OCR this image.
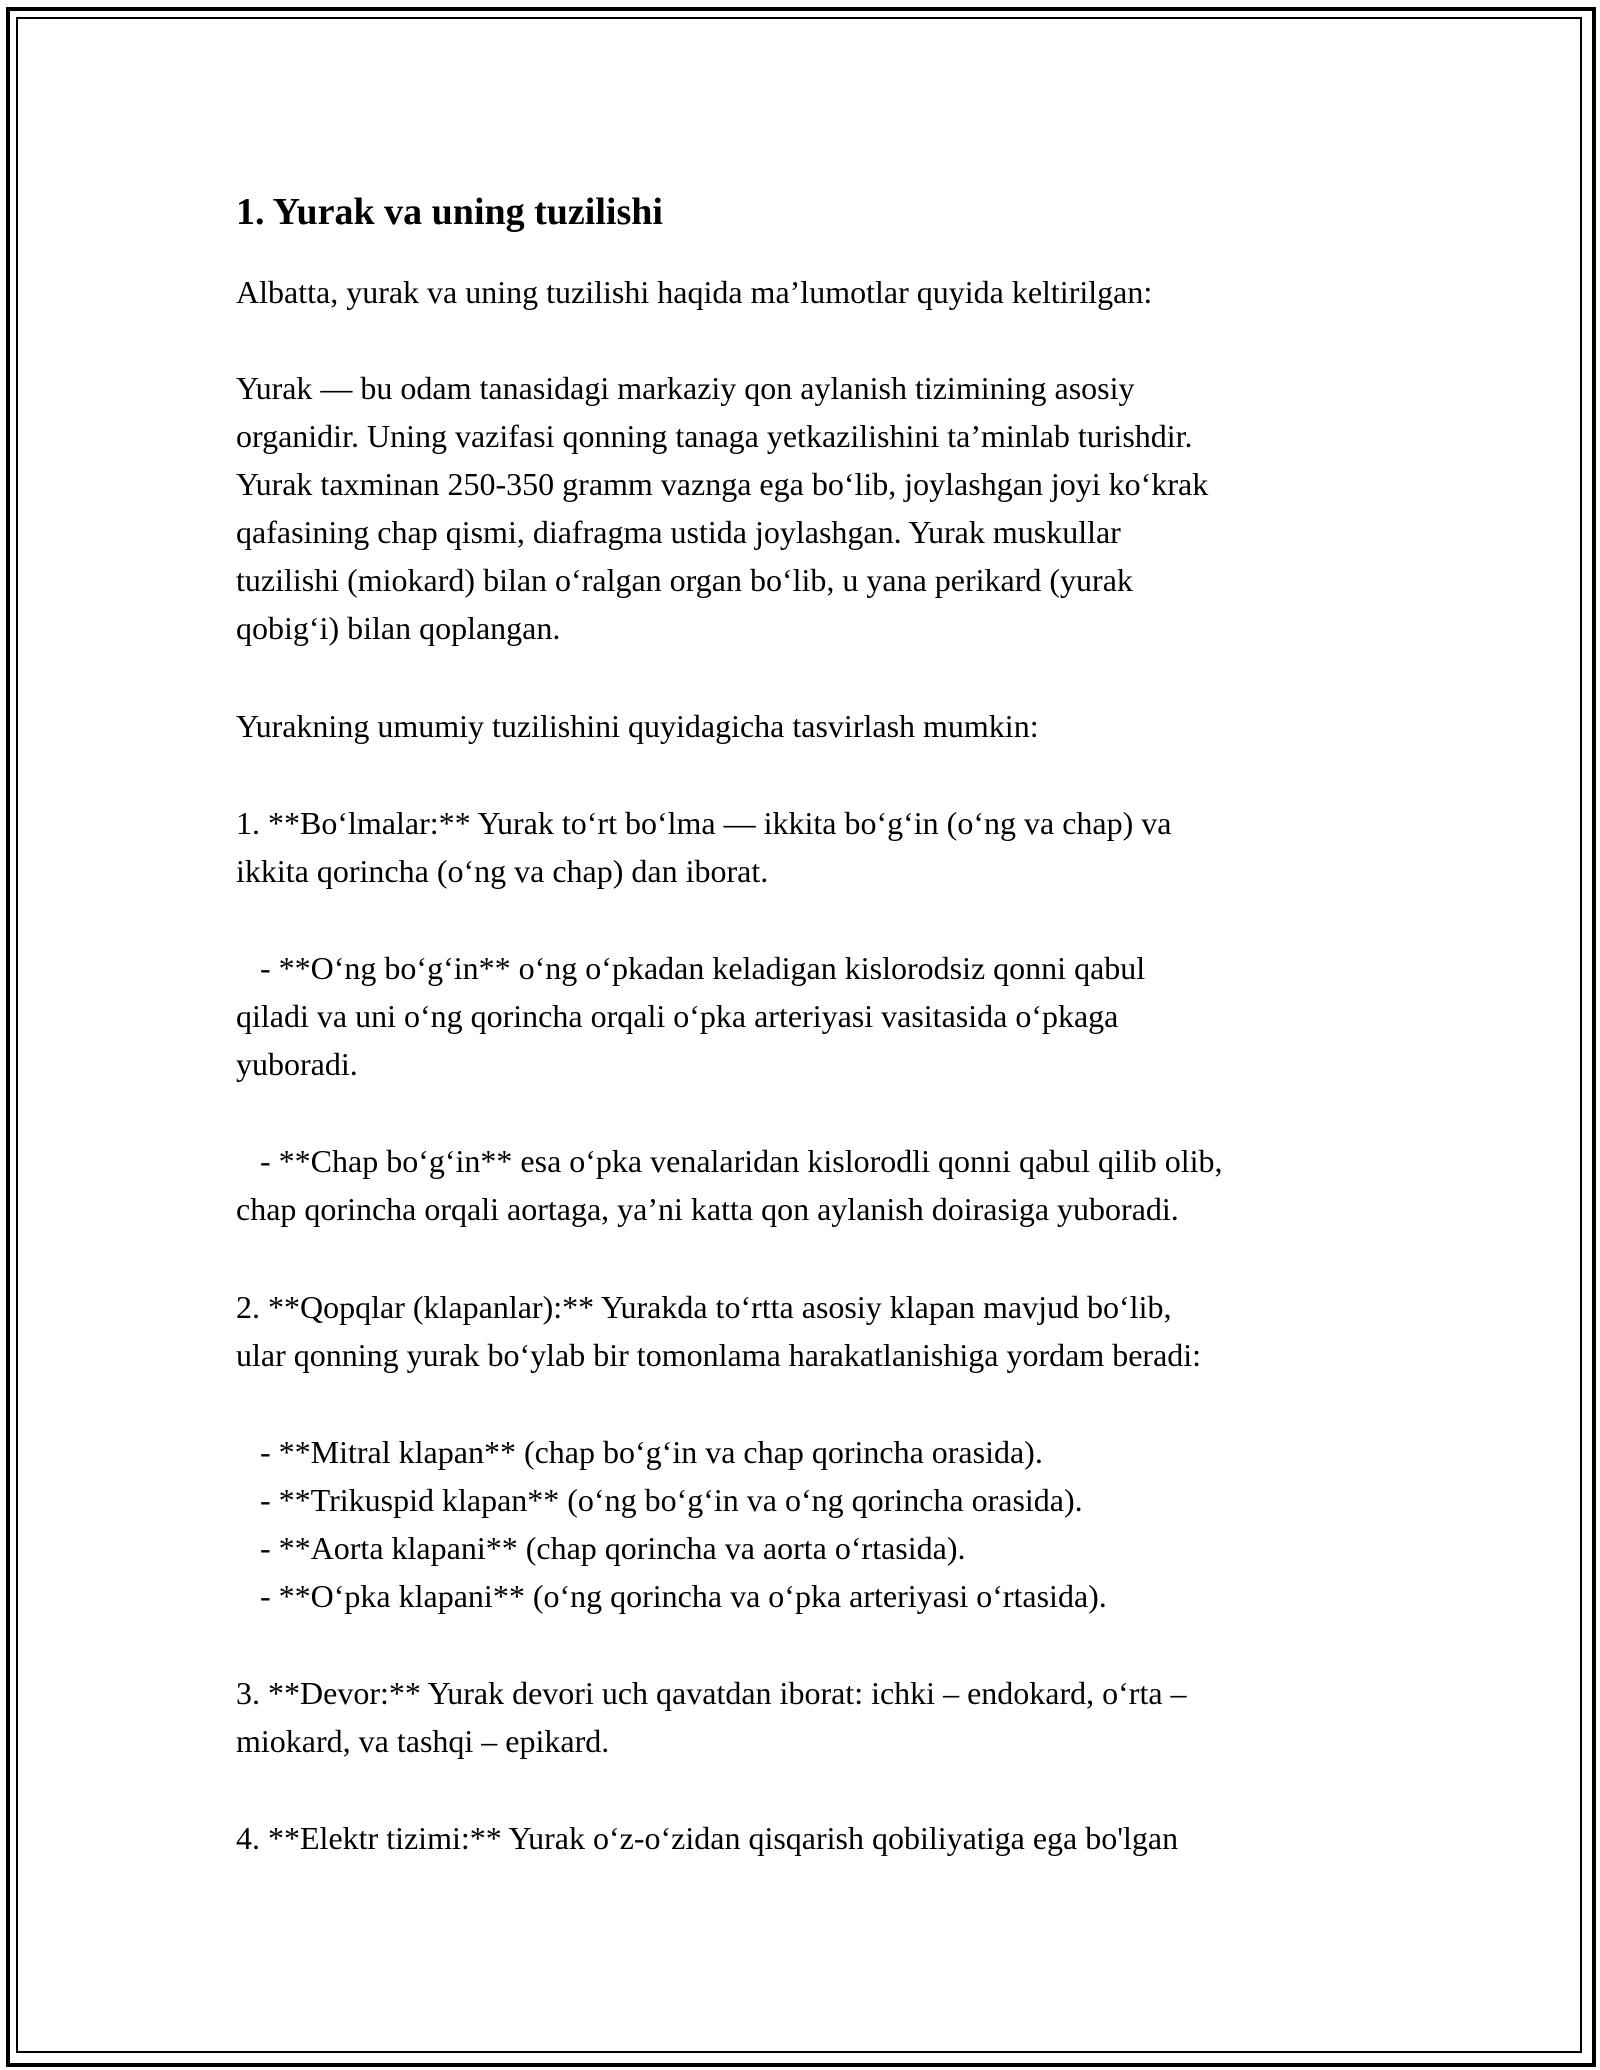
1. Yurak va uning tuzilishi

Albatta, yurak va uning tuzilishi haqida ma’lumotlar quyida keltirilgan:

Yurak — bu odam tanasidagi markaziy qon aylanish tizimining asosiy

organidir. Uning vazifasi qonning tanaga yetkazilishini ta’minlab turishdir.

Yurak taxminan 250-350 gramm vaznga ega bo‘lib, joylashgan joyi ko‘krak

qafasining chap qismi, diafragma ustida joylashgan. Yurak muskullar

tuzilishi (miokard) bilan o‘ralgan organ bo‘lib, u yana perikard (yurak

qobig‘i) bilan qoplangan.

Yurakning umumiy tuzilishini quyidagicha tasvirlash mumkin:

1. **Bo‘lmalar:** Yurak to‘rt bo‘lma — ikkita bo‘g‘in (o‘ng va chap) va

ikkita qorincha (o‘ng va chap) dan iborat.

- **O‘ng bo‘g‘in** o‘ng o‘pkadan keladigan kislorodsiz qonni qabul

qiladi va uni o‘ng qorincha orqali o‘pka arteriyasi vasitasida o‘pkaga

yuboradi.

- **Chap bo‘g‘in** esa o‘pka venalaridan kislorodli qonni qabul qilib olib,

chap qorincha orqali aortaga, ya’ni katta qon aylanish doirasiga yuboradi.

2. **Qopqlar (klapanlar):** Yurakda to‘rtta asosiy klapan mavjud bo‘lib,

ular qonning yurak bo‘ylab bir tomonlama harakatlanishiga yordam beradi:

- **Mitral klapan** (chap bo‘g‘in va chap qorincha orasida).

- **Trikuspid klapan** (o‘ng bo‘g‘in va o‘ng qorincha orasida).

- **Aorta klapani** (chap qorincha va aorta o‘rtasida).

- **O‘pka klapani** (o‘ng qorincha va o‘pka arteriyasi o‘rtasida).

3. **Devor:** Yurak devori uch qavatdan iborat: ichki – endokard, o‘rta –

miokard, va tashqi – epikard.

4. **Elektr tizimi:** Yurak o‘z-o‘zidan qisqarish qobiliyatiga ega bo'lgan
